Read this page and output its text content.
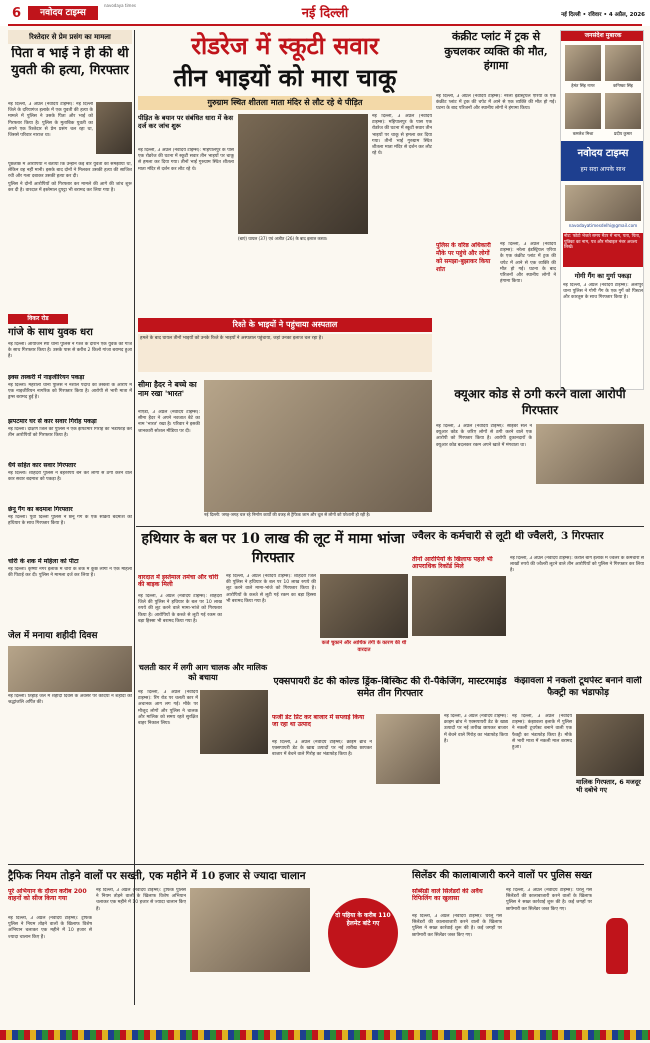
6	नवोदय टाइम्स
navodaya times
नई दिल्ली	नई दिल्ली • रविवार • 4 अप्रैल, 2026
रिश्तेदार से प्रेम प्रसंग का मामला
पिता व भाई ने ही की थी युवती की हत्या, गिरफ्तार

नई दिल्ली, 3 अप्रैल (नवोदय टाइम्स): नई दिल्ली जिले के दरियागंज इलाके में एक युवती की हत्या के मामले में पुलिस ने उसके पिता और भाई को गिरफ्तार किया है। पुलिस के मुताबिक युवती का अपने एक रिश्तेदार से प्रेम प्रसंग चल रहा था, जिससे परिवार नाराज था।

पूछताछ में आरोपियों ने बताया कि उन्होंने कई बार युवती को समझाया था, लेकिन वह नहीं मानी। इसके बाद दोनों ने मिलकर उसकी हत्या की साजिश रची और गला दबाकर उसकी हत्या कर दी।

पुलिस ने दोनों आरोपियों को गिरफ्तार कर मामले की आगे की जांच शुरू कर दी है। वारदात में इस्तेमाल दुपट्टा भी बरामद कर लिया गया है।

विकर रोड
गांजे के साथ युवक धरा
नई दिल्ली। आयोजन स्पा थाना पुलिस ने गश्त के दौरान एक युवक को गांजे के साथ गिरफ्तार किया है। उसके पास से करीब 2 किलो गांजा बरामद हुआ है।
इक्स तस्करी में नाइजीरियन पकड़ा
नई दिल्ली। महरौली थाना पुलिस ने नशीले पदार्थ की तस्करी के आरोप में एक नाइजीरियन नागरिक को गिरफ्तार किया है। आरोपी से भारी मात्रा में ड्रग्स बरामद हुई है।
झपटमार घर से कार सवार गिरोह पकड़ा
नई दिल्ली। दक्षिण जिले की पुलिस ने एक झपटमार गिरोह का भंडाफोड़ कर तीन आरोपियों को गिरफ्तार किया है।
धैर्य सहित कार सवार गिरफ्तार
नई दिल्ली। शाहदरा पुलिस ने बहरुपिये बन कर लोगों से ठगी करने वाले कार सवार बदमाश को पकड़ा है।
छेनू गैंग का बदमाश गिरफ्तार
नई दिल्ली। पूर्वी दिल्ली पुलिस ने छेनू गैंग के एक सक्रिय बदमाश को हथियार के साथ गिरफ्तार किया है।
चोरी के शक में महिला को पीटा
नई दिल्ली। कृष्णा नगर इलाके में चोरी के शक में कुछ लोगों ने एक महिला की पिटाई कर दी। पुलिस ने मामला दर्ज कर लिया है।
जेल में मनाया शहीदी दिवस
नई दिल्ली। तिहाड़ जेल में शहीदी दिवस के अवसर पर कैदियों ने शहीदों को श्रद्धांजलि अर्पित की।
रोडरेज में स्कूटी सवार
तीन भाइयों को मारा चाकू
गुरुग्राम स्थित शीतला माता मंदिर से लौट रहे थे पीड़ित
पीड़ित के बयान पर संबंधित धारा में केस दर्ज कर जांच शुरू
नई दिल्ली, 3 अप्रैल (नवोदय टाइम्स): महिपालपुर के पास एक रोडरेज की घटना में स्कूटी सवार तीन भाइयों पर चाकू से हमला कर दिया गया। तीनों भाई गुरुग्राम स्थित शीतला माता मंदिर से दर्शन कर लौट रहे थे।
(बाएं) घायल (37) एवं अजीत (26) के बाद इलाज करवा।

नई दिल्ली, 3 अप्रैल (नवोदय टाइम्स): महिपालपुर के पास एक रोडरेज की घटना में स्कूटी सवार तीन भाइयों पर चाकू से हमला कर दिया गया। तीनों भाई गुरुग्राम स्थित शीतला माता मंदिर से दर्शन कर लौट रहे थे।

रिश्ते के भाइयों ने पहुंचाया अस्पताल
हमले के बाद घायल तीनों भाइयों को उनके रिश्ते के भाइयों ने अस्पताल पहुंचाया, जहां उनका इलाज चल रहा है।
कंक्रीट प्लांट में ट्रक से कुचलकर व्यक्ति की मौत, हंगामा
नई दिल्ली, 3 अप्रैल (नवोदय टाइम्स): नरेला इंडस्ट्रियल एरिया के एक कंक्रीट प्लांट में ट्रक की चपेट में आने से एक व्यक्ति की मौत हो गई। घटना के बाद परिजनों और स्थानीय लोगों ने हंगामा किया।
पुलिस के वरिष्ठ अधिकारी मौके पर पहुंचे और लोगों को समझा-बुझाकर किया शांत

नई दिल्ली, 3 अप्रैल (नवोदय टाइम्स): नरेला इंडस्ट्रियल एरिया के एक कंक्रीट प्लांट में ट्रक की चपेट में आने से एक व्यक्ति की मौत हो गई। घटना के बाद परिजनों और स्थानीय लोगों ने हंगामा किया।

जनसंदेश मुबारक
हेमंत सिंह नागर	कनिष्का सिंह
कमलेश मिश्रा	प्रदीप कुमार
नवोदय टाइम्स
हम सदा आपके साथ
navodayatimesdelhi@gmail.com
नोट: फोटो भेजते समय मैटर में नाम, पता, पिता, पुत्रिका का नाम, पत्र और मोबाइल नंबर अवश्य लिखें।
गोगी गैंग का गुर्गा पकड़ा
नई दिल्ली, 3 अप्रैल (नवोदय टाइम्स): अलीपुर थाना पुलिस ने गोगी गैंग के एक गुर्गे को पिस्टल और कारतूस के साथ गिरफ्तार किया है।
सीमा हैदर ने बच्चे का नाम रखा 'भारत'
नोएडा, 3 अप्रैल (नवोदय टाइम्स): सीमा हैदर ने अपने नवजात बेटे का नाम 'भारत' रखा है। परिवार ने इसकी जानकारी सोशल मीडिया पर दी।
नई दिल्ली: जगह-जगह चल रहे निर्माण कार्यों की वजह से ट्रैफिक जाम और धूल से लोगों को परेशानी हो रही है।
क्यूआर कोड से ठगी करने वाला आरोपी गिरफ्तार
नई दिल्ली, 3 अप्रैल (नवोदय टाइम्स): साइबर सेल ने क्यूआर कोड के जरिए लोगों से ठगी करने वाले एक आरोपी को गिरफ्तार किया है। आरोपी दुकानदारों के क्यूआर कोड बदलकर रकम अपने खाते में मंगवाता था।
हथियार के बल पर 10 लाख की लूट में मामा भांजा गिरफ्तार
वारदात में इस्तेमाल तमंचा और चोरी की बाइक मिली
नई दिल्ली, 3 अप्रैल (नवोदय टाइम्स): शाहदरा जिले की पुलिस ने हथियार के बल पर 10 लाख रुपये की लूट करने वाले मामा-भांजे को गिरफ्तार किया है। आरोपियों के कब्जे से लूटी गई रकम का बड़ा हिस्सा भी बरामद किया गया है।

नई दिल्ली, 3 अप्रैल (नवोदय टाइम्स): शाहदरा जिले की पुलिस ने हथियार के बल पर 10 लाख रुपये की लूट करने वाले मामा-भांजे को गिरफ्तार किया है। आरोपियों के कब्जे से लूटी गई रकम का बड़ा हिस्सा भी बरामद किया गया है।

कर्ज चुकाने और आर्थिक तंगी के कारण की थी वारदात
ज्वैलर के कर्मचारी से लूटी थी ज्वैलरी, 3 गिरफ्तार
तीनों आरोपियों के खिलाफ पहले भी आपराधिक रिकॉर्ड मिले
नई दिल्ली, 3 अप्रैल (नवोदय टाइम्स): करोल बाग इलाके में ज्वैलर के कर्मचारी से लाखों रुपये की ज्वैलरी लूटने वाले तीन आरोपियों को पुलिस ने गिरफ्तार कर लिया है।
चलती कार में लगी आग चालक और मालिक को बचाया
नई दिल्ली, 3 अप्रैल (नवोदय टाइम्स): रिंग रोड पर चलती कार में अचानक आग लग गई। मौके पर मौजूद लोगों और पुलिस ने चालक और मालिक को समय रहते सुरक्षित बाहर निकाल लिया।
एक्सपायरी डेट की कोल्ड ड्रिंक-बिस्किट की री-पैकेजिंग, मास्टरमाइंड समेत तीन गिरफ्तार
फर्जी डेट प्रिंट कर बाजार में सप्लाई किया जा रहा था उत्पाद
नई दिल्ली, 3 अप्रैल (नवोदय टाइम्स): क्राइम ब्रांच ने एक्सपायरी डेट के खाद्य उत्पादों पर नई तारीख छापकर बाजार में बेचने वाले गिरोह का भंडाफोड़ किया है।

नई दिल्ली, 3 अप्रैल (नवोदय टाइम्स): क्राइम ब्रांच ने एक्सपायरी डेट के खाद्य उत्पादों पर नई तारीख छापकर बाजार में बेचने वाले गिरोह का भंडाफोड़ किया है।

कंझावला में नकली टूथपेस्ट बनाने वाली फैक्ट्री का भंडाफोड़
नई दिल्ली, 3 अप्रैल (नवोदय टाइम्स): कंझावला इलाके में पुलिस ने नकली टूथपेस्ट बनाने वाली एक फैक्ट्री का भंडाफोड़ किया है। मौके से भारी मात्रा में नकली माल बरामद हुआ।
मालिक गिरफ्तार, 6 मजदूर भी दबोचे गए
ट्रैफिक नियम तोड़ने वालों पर सख्ती, एक महीने में 10 हजार से ज्यादा चालान
पूरे अभियान के दौरान करीब 200 वाहनों को सीज किया गया
नई दिल्ली, 3 अप्रैल (नवोदय टाइम्स): ट्रैफिक पुलिस ने नियम तोड़ने वालों के खिलाफ विशेष अभियान चलाकर एक महीने में 10 हजार से ज्यादा चालान किए हैं।

नई दिल्ली, 3 अप्रैल (नवोदय टाइम्स): ट्रैफिक पुलिस ने नियम तोड़ने वालों के खिलाफ विशेष अभियान चलाकर एक महीने में 10 हजार से ज्यादा चालान किए हैं।

दो पहिया के करीब 110 हेलमेट बांटे गए
सिलेंडर की कालाबाजारी करने वालों पर पुलिस सख्त
सब्सिडी वाले सिलेंडरों की अवैध रिफिलिंग का खुलासा
नई दिल्ली, 3 अप्रैल (नवोदय टाइम्स): घरेलू गैस सिलेंडरों की कालाबाजारी करने वालों के खिलाफ पुलिस ने सख्त कार्रवाई शुरू की है। कई जगहों पर छापेमारी कर सिलेंडर जब्त किए गए।

नई दिल्ली, 3 अप्रैल (नवोदय टाइम्स): घरेलू गैस सिलेंडरों की कालाबाजारी करने वालों के खिलाफ पुलिस ने सख्त कार्रवाई शुरू की है। कई जगहों पर छापेमारी कर सिलेंडर जब्त किए गए।
